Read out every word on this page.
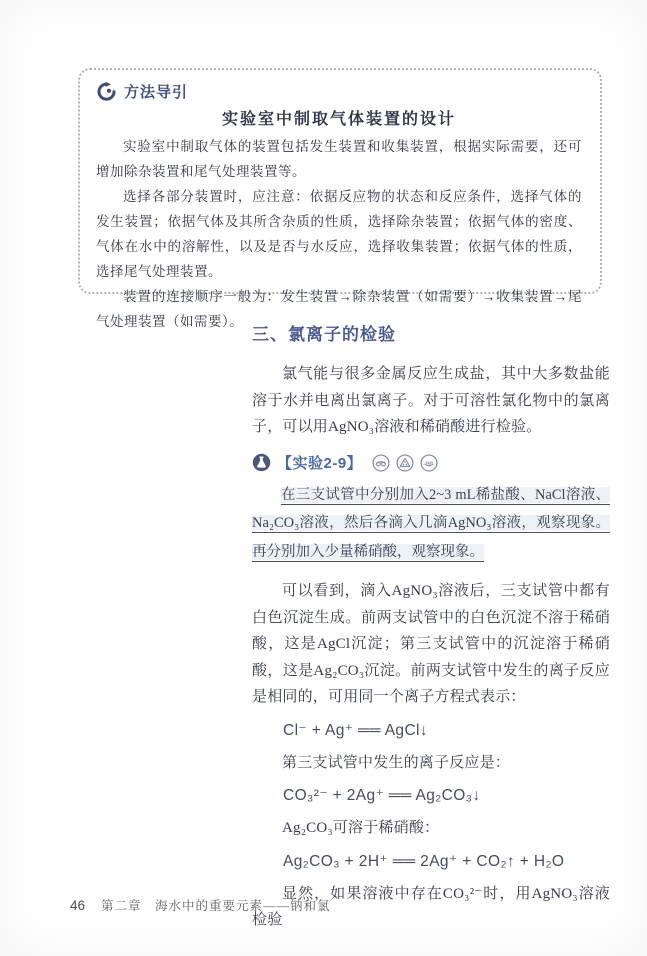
方法导引
实验室中制取气体装置的设计

实验室中制取气体的装置包括发生装置和收集装置，根据实际需要，还可增加除杂装置和尾气处理装置等。

选择各部分装置时，应注意：依据反应物的状态和反应条件，选择气体的发生装置；依据气体及其所含杂质的性质，选择除杂装置；依据气体的密度、气体在水中的溶解性，以及是否与水反应，选择收集装置；依据气体的性质，选择尾气处理装置。

装置的连接顺序一般为：发生装置→除杂装置（如需要）→收集装置→尾气处理装置（如需要）。

三、氯离子的检验

氯气能与很多金属反应生成盐，其中大多数盐能溶于水并电离出氯离子。对于可溶性氯化物中的氯离子，可以用AgNO₃溶液和稀硝酸进行检验。

【实验2-9】

在三支试管中分别加入2~3 mL稀盐酸、NaCl溶液、Na₂CO₃溶液，然后各滴入几滴AgNO₃溶液，观察现象。再分别加入少量稀硝酸，观察现象。

可以看到，滴入AgNO₃溶液后，三支试管中都有白色沉淀生成。前两支试管中的白色沉淀不溶于稀硝酸，这是AgCl沉淀；第三支试管中的沉淀溶于稀硝酸，这是Ag₂CO₃沉淀。前两支试管中发生的离子反应是相同的，可用同一个离子方程式表示：

Cl⁻ + Ag⁺ ══ AgCl↓

第三支试管中发生的离子反应是：

CO₃²⁻ + 2Ag⁺ ══ Ag₂CO₃↓

Ag₂CO₃可溶于稀硝酸：

Ag₂CO₃ + 2H⁺ ══ 2Ag⁺ + CO₂↑ + H₂O

显然，如果溶液中存在CO₃²⁻时，用AgNO₃溶液检验

46 第二章　海水中的重要元素——钠和氯
